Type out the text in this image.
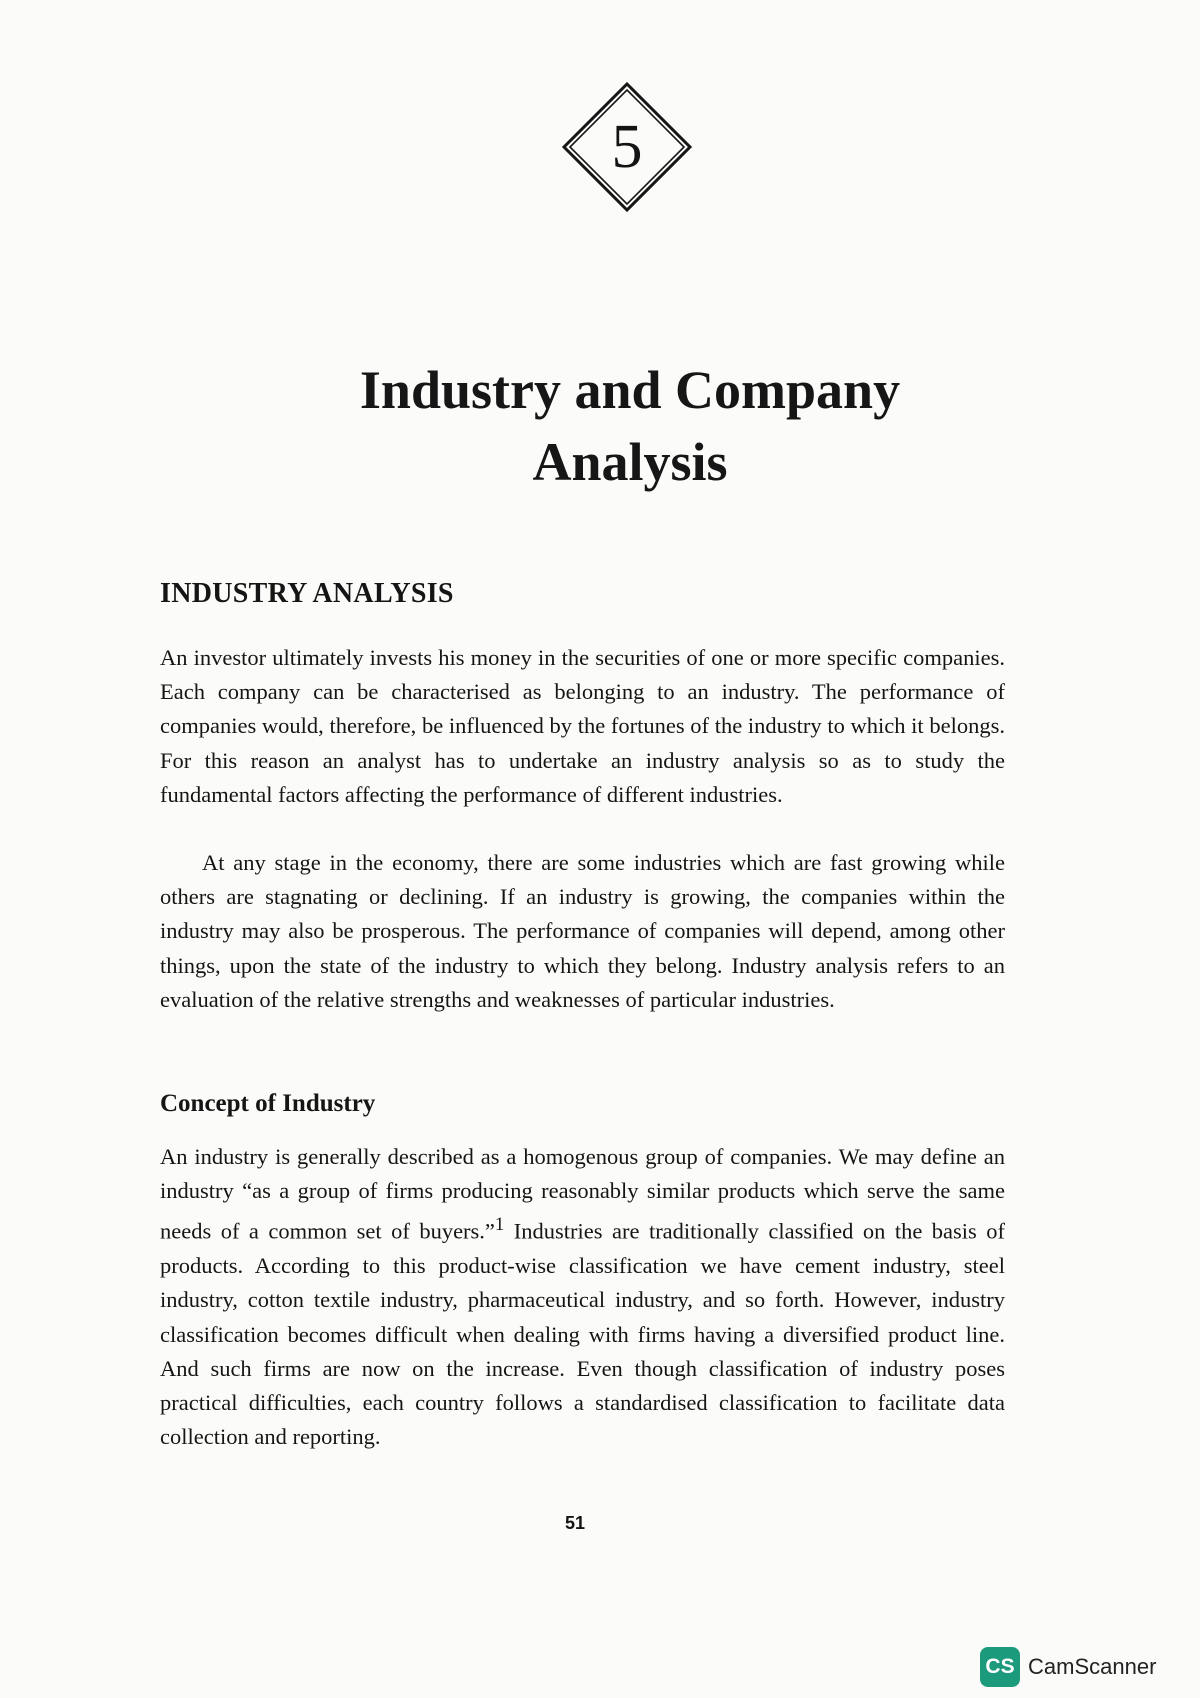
5
Industry and Company
Analysis
INDUSTRY ANALYSIS

An investor ultimately invests his money in the securities of one or more specific companies. Each company can be characterised as belonging to an industry. The performance of companies would, therefore, be influenced by the fortunes of the industry to which it belongs. For this reason an analyst has to undertake an industry analysis so as to study the fundamental factors affecting the performance of different industries.

At any stage in the economy, there are some industries which are fast growing while others are stagnating or declining. If an industry is growing, the companies within the industry may also be prosperous. The performance of companies will depend, among other things, upon the state of the industry to which they belong. Industry analysis refers to an evaluation of the relative strengths and weaknesses of particular industries.

Concept of Industry

An industry is generally described as a homogenous group of companies. We may define an industry “as a group of firms producing reasonably similar products which serve the same needs of a common set of buyers.”$^1$ Industries are traditionally classified on the basis of products. According to this product-wise classification we have cement industry, steel industry, cotton textile industry, pharmaceutical industry, and so forth. However, industry classification becomes difficult when dealing with firms having a diversified product line. And such firms are now on the increase. Even though classification of industry poses practical difficulties, each country follows a standardised classification to facilitate data collection and reporting.

51
CS CamScanner
